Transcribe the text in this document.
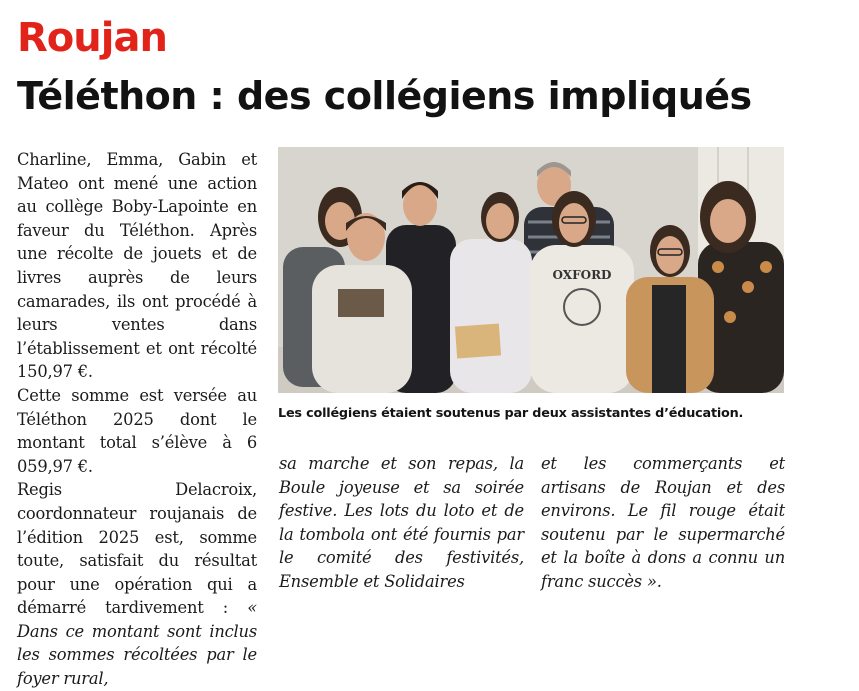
Roujan
Téléthon : des collégiens impliqués

Charline, Emma, Gabin et Mateo ont mené une action au collège Boby-Lapointe en faveur du Téléthon. Après une récolte de jouets et de livres auprès de leurs camarades, ils ont procédé à leurs ventes dans l’établissement et ont récolté 150,97 €.

Cette somme est versée au Téléthon 2025 dont le montant total s’élève à 6 059,97 €.

Regis Delacroix, coordonnateur roujanais de l’édition 2025 est, somme toute, satisfait du résultat pour une opération qui a démarré tardivement : « Dans ce montant sont inclus les sommes récoltées par le foyer rural,

OXFORD
Les collégiens étaient soutenus par deux assistantes d’éducation.

sa marche et son repas, la Boule joyeuse et sa soirée festive. Les lots du loto et de la tombola ont été fournis par le comité des festivités, Ensemble et Solidaires

et les commerçants et artisans de Roujan et des environs. Le fil rouge était soutenu par le supermarché et la boîte à dons a connu un franc succès ».
